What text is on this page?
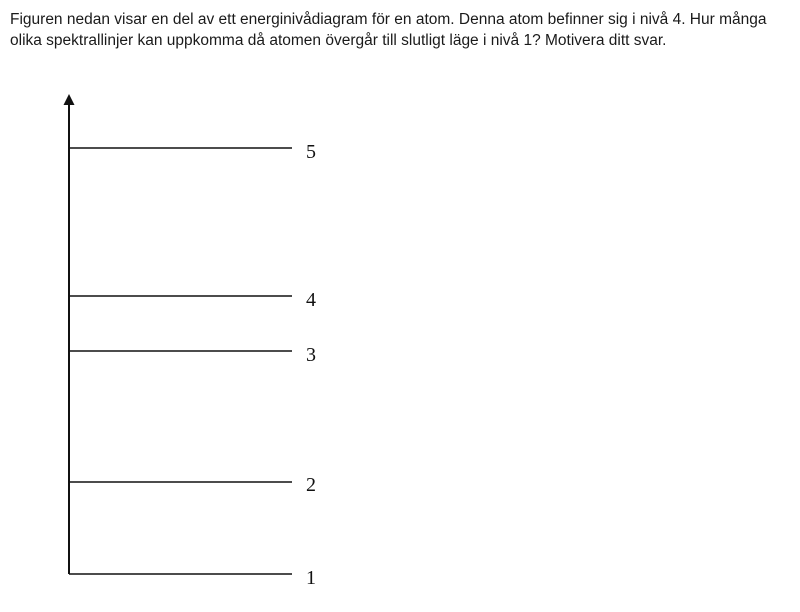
Figuren nedan visar en del av ett energinivådiagram för en atom. Denna atom befinner sig i nivå 4. Hur många olika spektrallinjer kan uppkomma då atomen övergår till slutligt läge i nivå 1? Motivera ditt svar.

5
4
3
2
1
